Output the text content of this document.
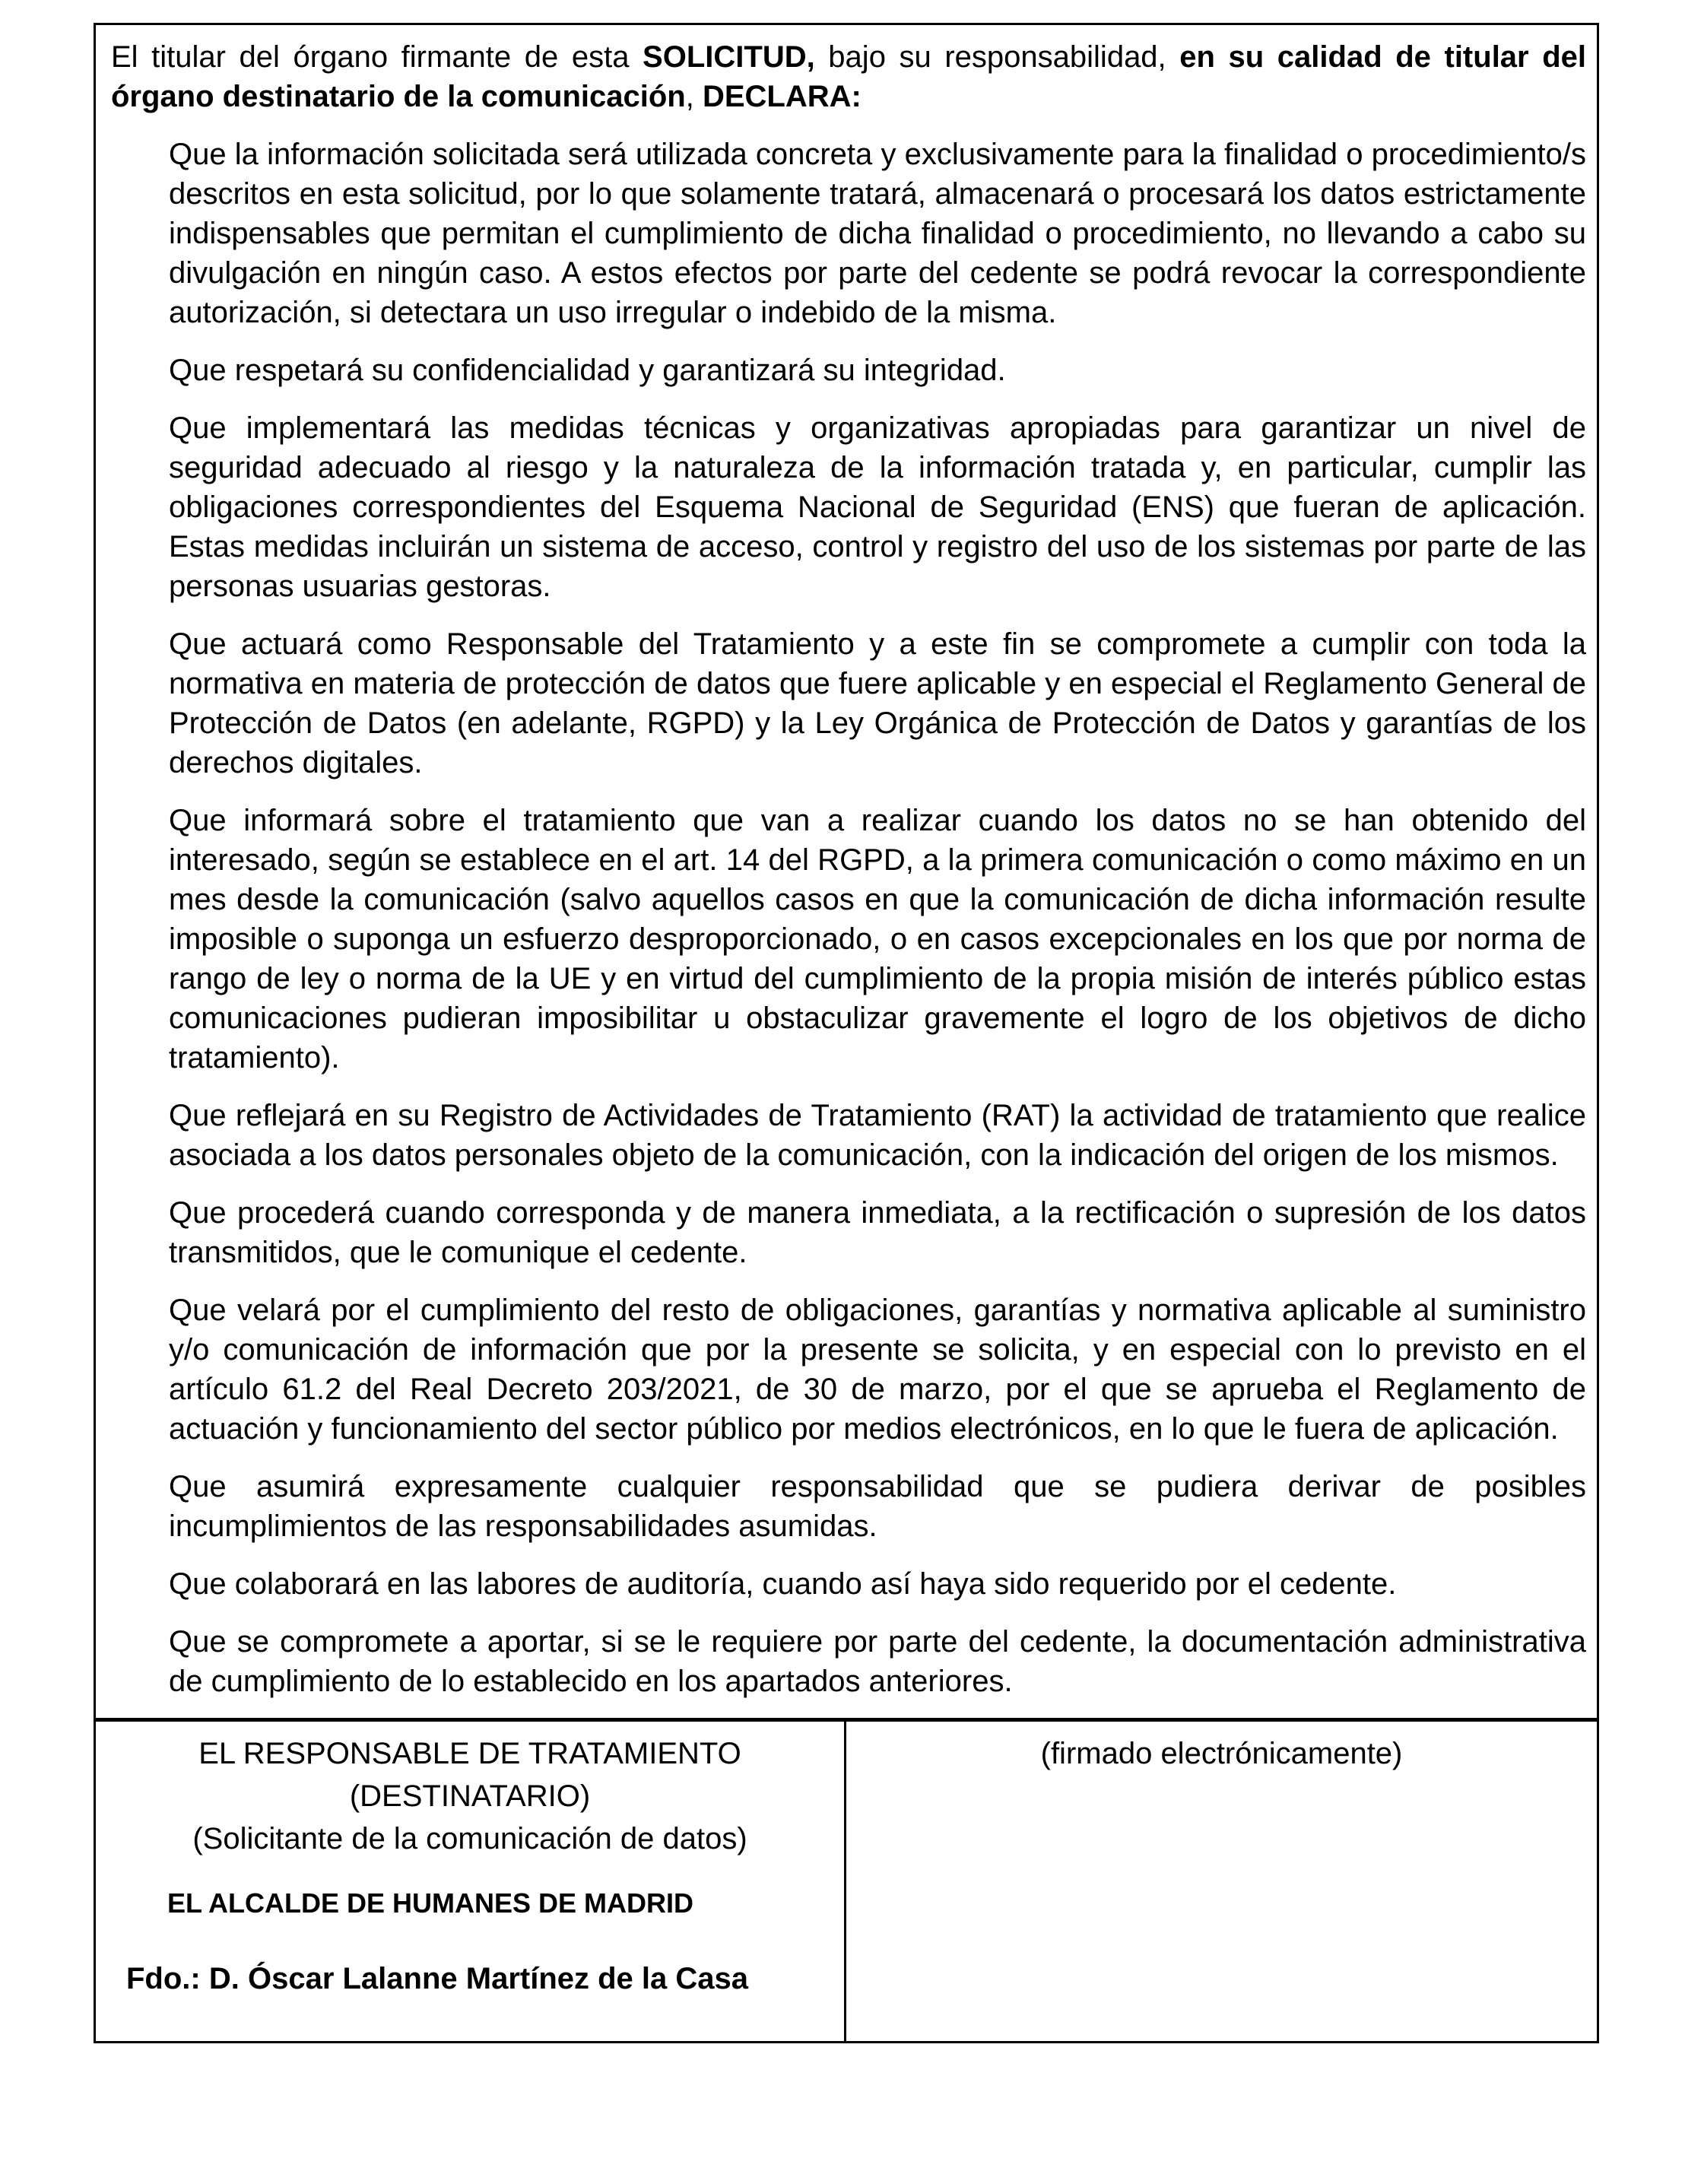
El titular del órgano firmante de esta SOLICITUD, bajo su responsabilidad, en su calidad de titular del órgano destinatario de la comunicación, DECLARA:

Que la información solicitada será utilizada concreta y exclusivamente para la finalidad o procedimiento/s descritos en esta solicitud, por lo que solamente tratará, almacenará o procesará los datos estrictamente indispensables que permitan el cumplimiento de dicha finalidad o procedimiento, no llevando a cabo su divulgación en ningún caso. A estos efectos por parte del cedente se podrá revocar la correspondiente autorización, si detectara un uso irregular o indebido de la misma.

Que respetará su confidencialidad y garantizará su integridad.

Que implementará las medidas técnicas y organizativas apropiadas para garantizar un nivel de seguridad adecuado al riesgo y la naturaleza de la información tratada y, en particular, cumplir las obligaciones correspondientes del Esquema Nacional de Seguridad (ENS) que fueran de aplicación. Estas medidas incluirán un sistema de acceso, control y registro del uso de los sistemas por parte de las personas usuarias gestoras.

Que actuará como Responsable del Tratamiento y a este fin se compromete a cumplir con toda la normativa en materia de protección de datos que fuere aplicable y en especial el Reglamento General de Protección de Datos (en adelante, RGPD) y la Ley Orgánica de Protección de Datos y garantías de los derechos digitales.

Que informará sobre el tratamiento que van a realizar cuando los datos no se han obtenido del interesado, según se establece en el art. 14 del RGPD, a la primera comunicación o como máximo en un mes desde la comunicación (salvo aquellos casos en que la comunicación de dicha información resulte imposible o suponga un esfuerzo desproporcionado, o en casos excepcionales en los que por norma de rango de ley o norma de la UE y en virtud del cumplimiento de la propia misión de interés público estas comunicaciones pudieran imposibilitar u obstaculizar gravemente el logro de los objetivos de dicho tratamiento).

Que reflejará en su Registro de Actividades de Tratamiento (RAT) la actividad de tratamiento que realice asociada a los datos personales objeto de la comunicación, con la indicación del origen de los mismos.

Que procederá cuando corresponda y de manera inmediata, a la rectificación o supresión de los datos transmitidos, que le comunique el cedente.

Que velará por el cumplimiento del resto de obligaciones, garantías y normativa aplicable al suministro y/o comunicación de información que por la presente se solicita, y en especial con lo previsto en el artículo 61.2 del Real Decreto 203/2021, de 30 de marzo, por el que se aprueba el Reglamento de actuación y funcionamiento del sector público por medios electrónicos, en lo que le fuera de aplicación.

Que asumirá expresamente cualquier responsabilidad que se pudiera derivar de posibles incumplimientos de las responsabilidades asumidas.

Que colaborará en las labores de auditoría, cuando así haya sido requerido por el cedente.

Que se compromete a aportar, si se le requiere por parte del cedente, la documentación administrativa de cumplimiento de lo establecido en los apartados anteriores.

EL RESPONSABLE DE TRATAMIENTO
(DESTINATARIO)
(Solicitante de la comunicación de datos)
EL ALCALDE DE HUMANES DE MADRID
Fdo.: D. Óscar Lalanne Martínez de la Casa
(firmado electrónicamente)
